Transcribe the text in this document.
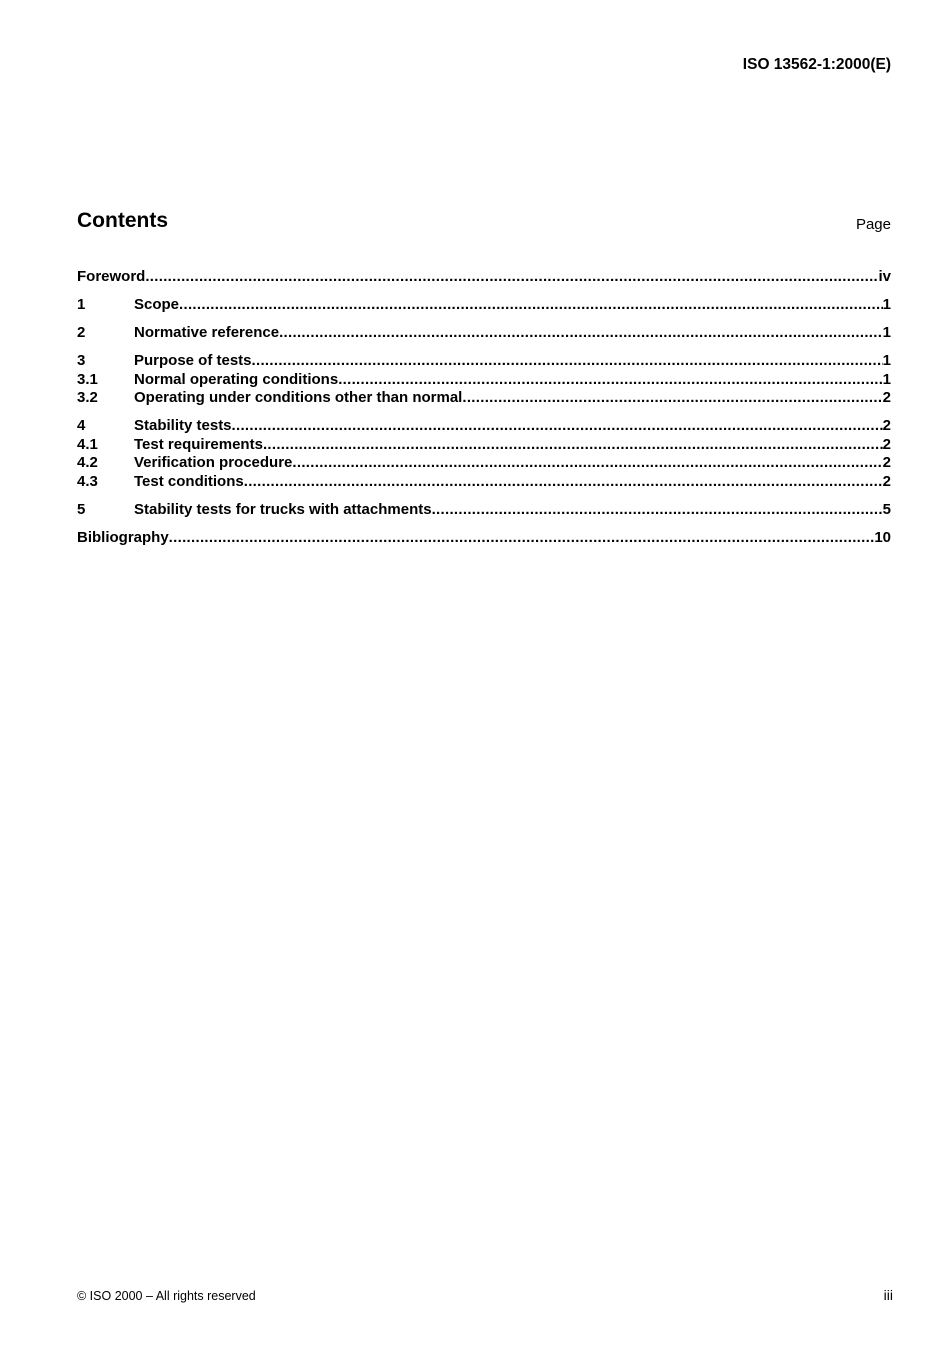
ISO 13562-1:2000(E)
Contents	Page
Foreword .....	iv
1	Scope .....	1
2	Normative reference .....	1
3	Purpose of tests .....	1
3.1	Normal operating conditions .....	1
3.2	Operating under conditions other than normal .....	2
4	Stability tests .....	2
4.1	Test requirements .....	2
4.2	Verification procedure .....	2
4.3	Test conditions .....	2
5	Stability tests for trucks with attachments .....	5
Bibliography .....	10
© ISO 2000 – All rights reserved	iii
